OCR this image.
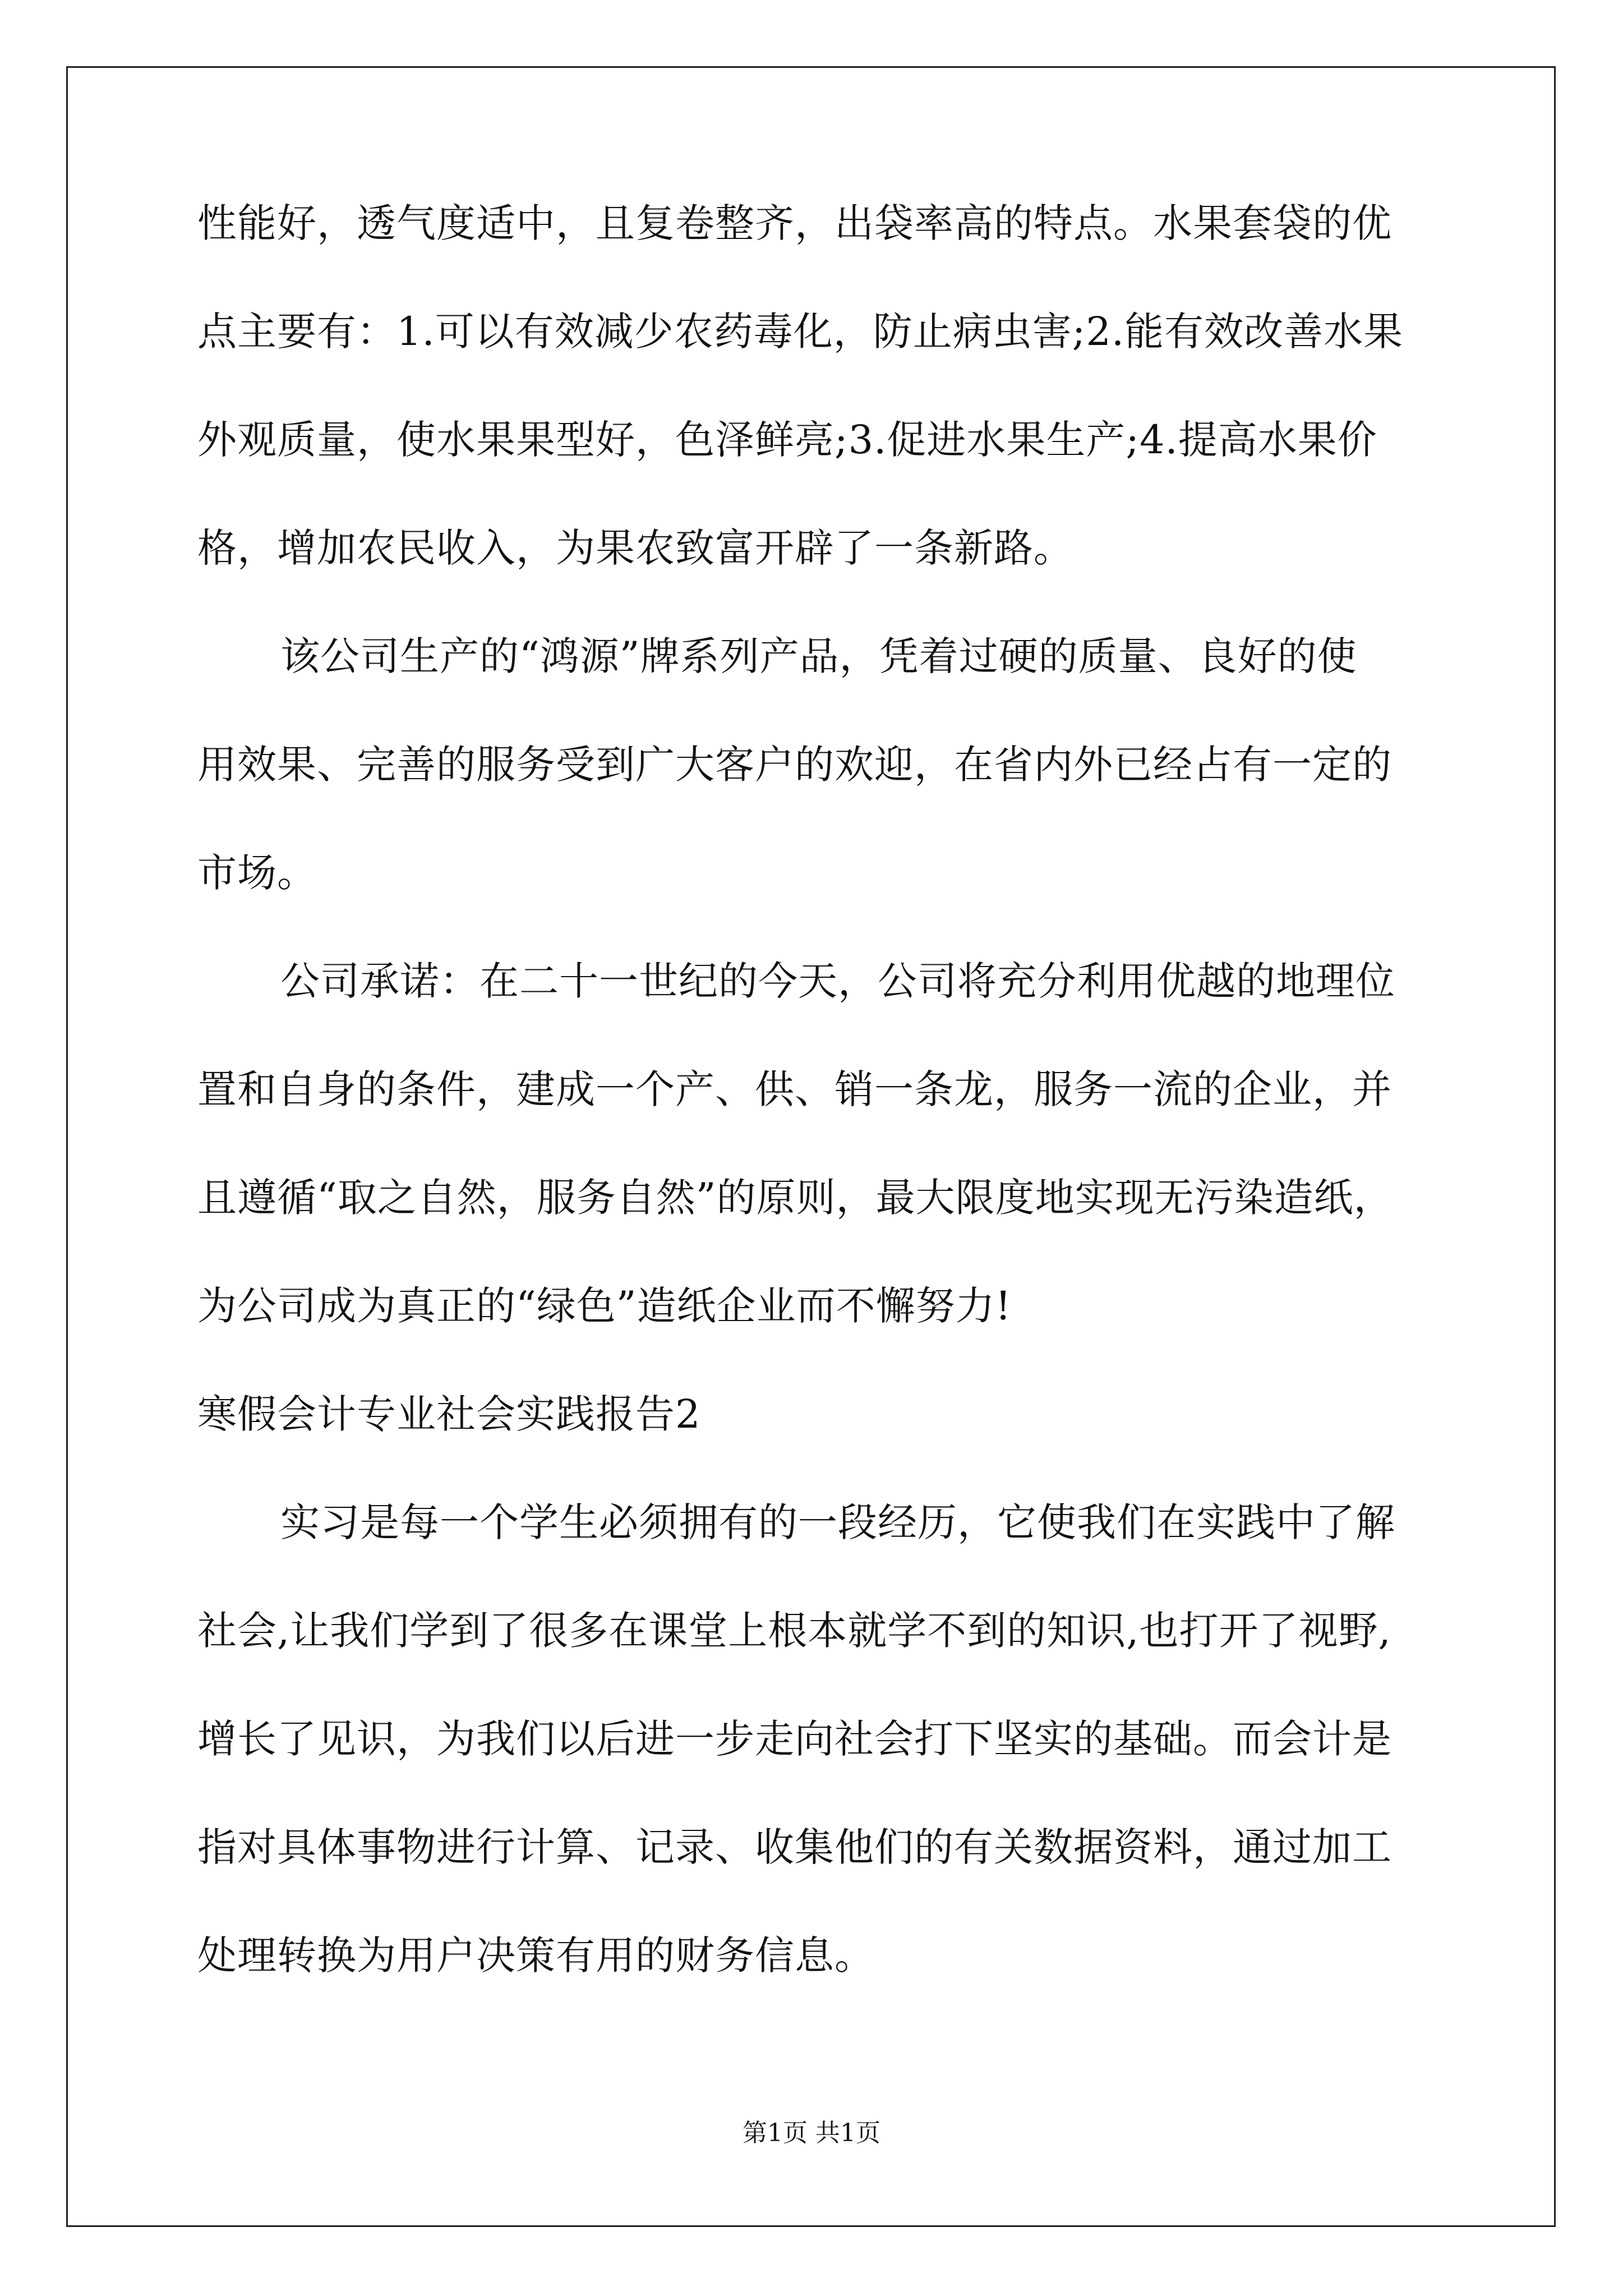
性能好，透气度适中，且复卷整齐，出袋率高的特点。水果套袋的优
点主要有：1.可以有效减少农药毒化，防止病虫害;2.能有效改善水果
外观质量，使水果果型好，色泽鲜亮;3.促进水果生产;4.提高水果价
格，增加农民收入，为果农致富开辟了一条新路。
该公司生产的“鸿源”牌系列产品，凭着过硬的质量、良好的使
用效果、完善的服务受到广大客户的欢迎，在省内外已经占有一定的
市场。
公司承诺：在二十一世纪的今天，公司将充分利用优越的地理位
置和自身的条件，建成一个产、供、销一条龙，服务一流的企业，并
且遵循“取之自然，服务自然”的原则，最大限度地实现无污染造纸，
为公司成为真正的“绿色”造纸企业而不懈努力!
寒假会计专业社会实践报告2
实习是每一个学生必须拥有的一段经历，它使我们在实践中了解
社会,让我们学到了很多在课堂上根本就学不到的知识,也打开了视野,
增长了见识，为我们以后进一步走向社会打下坚实的基础。而会计是
指对具体事物进行计算、记录、收集他们的有关数据资料，通过加工
处理转换为用户决策有用的财务信息。
第1页 共1页
